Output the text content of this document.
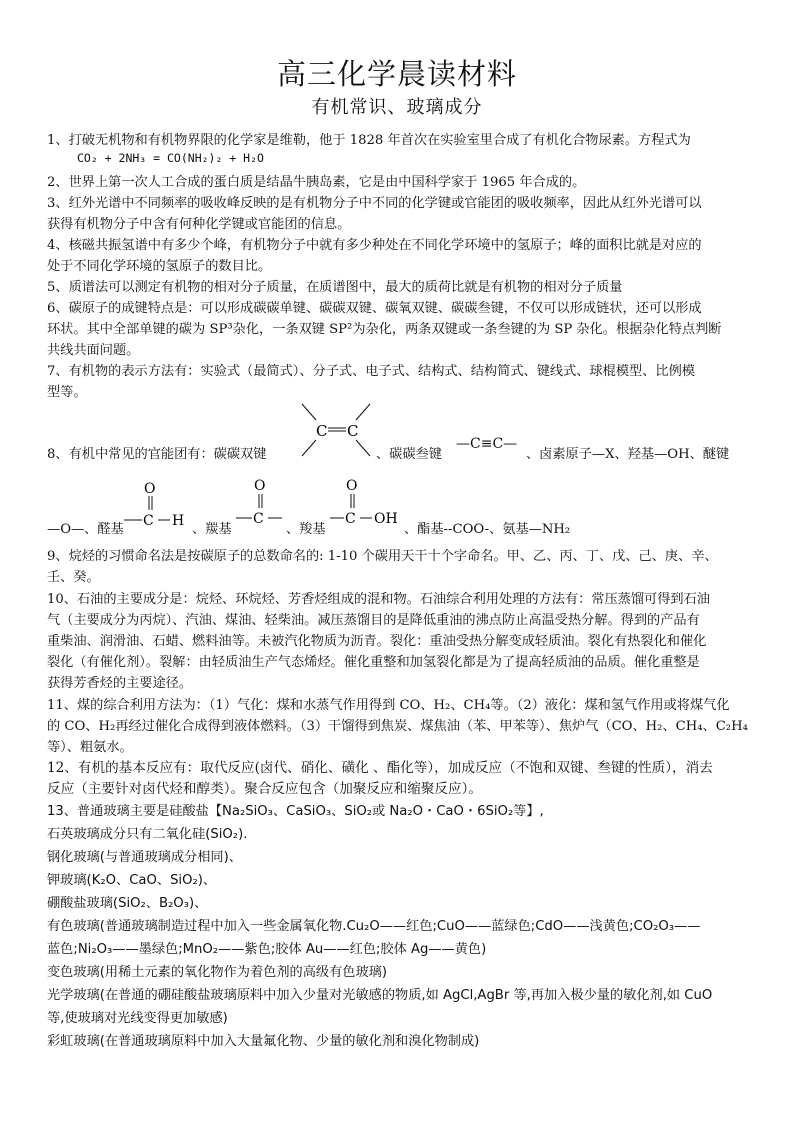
高三化学晨读材料
有机常识、玻璃成分
1、打破无机物和有机物界限的化学家是维勒，他于 1828 年首次在实验室里合成了有机化合物尿素。方程式为
CO₂ + 2NH₃ = CO(NH₂)₂ + H₂O
2、世界上第一次人工合成的蛋白质是结晶牛胰岛素，它是由中国科学家于 1965 年合成的。
3、红外光谱中不同频率的吸收峰反映的是有机物分子中不同的化学键或官能团的吸收频率，因此从红外光谱可以
获得有机物分子中含有何种化学键或官能团的信息。
4、核磁共振氢谱中有多少个峰，有机物分子中就有多少种处在不同化学环境中的氢原子；峰的面积比就是对应的
处于不同化学环境的氢原子的数目比。
5、质谱法可以测定有机物的相对分子质量，在质谱图中，最大的质荷比就是有机物的相对分子质量
6、碳原子的成键特点是：可以形成碳碳单键、碳碳双键、碳氧双键、碳碳叁键，不仅可以形成链状，还可以形成
环状。其中全部单键的碳为 SP³杂化，一条双键 SP²为杂化，两条双键或一条叁键的为 SP 杂化。根据杂化特点判断
共线共面问题。
7、有机物的表示方法有：实验式（最简式）、分子式、电子式、结构式、结构简式、键线式、球棍模型、比例模
型等。
8、有机中常见的官能团有：碳碳双键
C C
、碳碳叁键
—C≡C—
、卤素原子—X、羟基—OH、醚键
—O—、醛基
C H
O
、羰基
C
O
、羧基
C OH
O
、酯基--COO-、氨基—NH₂
9、烷烃的习惯命名法是按碳原子的总数命名的: 1-10 个碳用天干十个字命名。甲、乙、丙、丁、戊、己、庚、辛、
壬、癸。
10、石油的主要成分是：烷烃、环烷烃、芳香烃组成的混和物。石油综合利用处理的方法有：常压蒸馏可得到石油
气（主要成分为丙烷）、汽油、煤油、轻柴油。减压蒸馏目的是降低重油的沸点防止高温受热分解。得到的产品有
重柴油、润滑油、石蜡、燃料油等。未被汽化物质为沥青。裂化：重油受热分解变成轻质油。裂化有热裂化和催化
裂化（有催化剂）。裂解：由轻质油生产气态烯烃。催化重整和加氢裂化都是为了提高轻质油的品质。催化重整是
获得芳香烃的主要途径。
11、煤的综合利用方法为：（1）气化：煤和水蒸气作用得到 CO、H₂、CH₄等。（2）液化：煤和氢气作用或将煤气化
的 CO、H₂再经过催化合成得到液体燃料。（3）干馏得到焦炭、煤焦油（苯、甲苯等）、焦炉气（CO、H₂、CH₄、C₂H₄
等）、粗氨水。
12、有机的基本反应有：取代反应(卤代、硝化、磺化 、酯化等），加成反应（不饱和双键、叁键的性质），消去
反应（主要针对卤代烃和醇类）。聚合反应包含（加聚反应和缩聚反应）。
13、普通玻璃主要是硅酸盐【Na₂SiO₃、CaSiO₃、SiO₂或 Na₂O・CaO・6SiO₂等】,
石英玻璃成分只有二氧化硅(SiO₂).
钢化玻璃(与普通玻璃成分相同)、
钾玻璃(K₂O、CaO、SiO₂)、
硼酸盐玻璃(SiO₂、B₂O₃)、
有色玻璃(普通玻璃制造过程中加入一些金属氧化物.Cu₂O——红色;CuO——蓝绿色;CdO——浅黄色;CO₂O₃——
蓝色;Ni₂O₃——墨绿色;MnO₂——紫色;胶体 Au——红色;胶体 Ag——黄色)
变色玻璃(用稀土元素的氧化物作为着色剂的高级有色玻璃)
光学玻璃(在普通的硼硅酸盐玻璃原料中加入少量对光敏感的物质,如 AgCl,AgBr 等,再加入极少量的敏化剂,如 CuO
等,使玻璃对光线变得更加敏感)
彩虹玻璃(在普通玻璃原料中加入大量氟化物、少量的敏化剂和溴化物制成)
